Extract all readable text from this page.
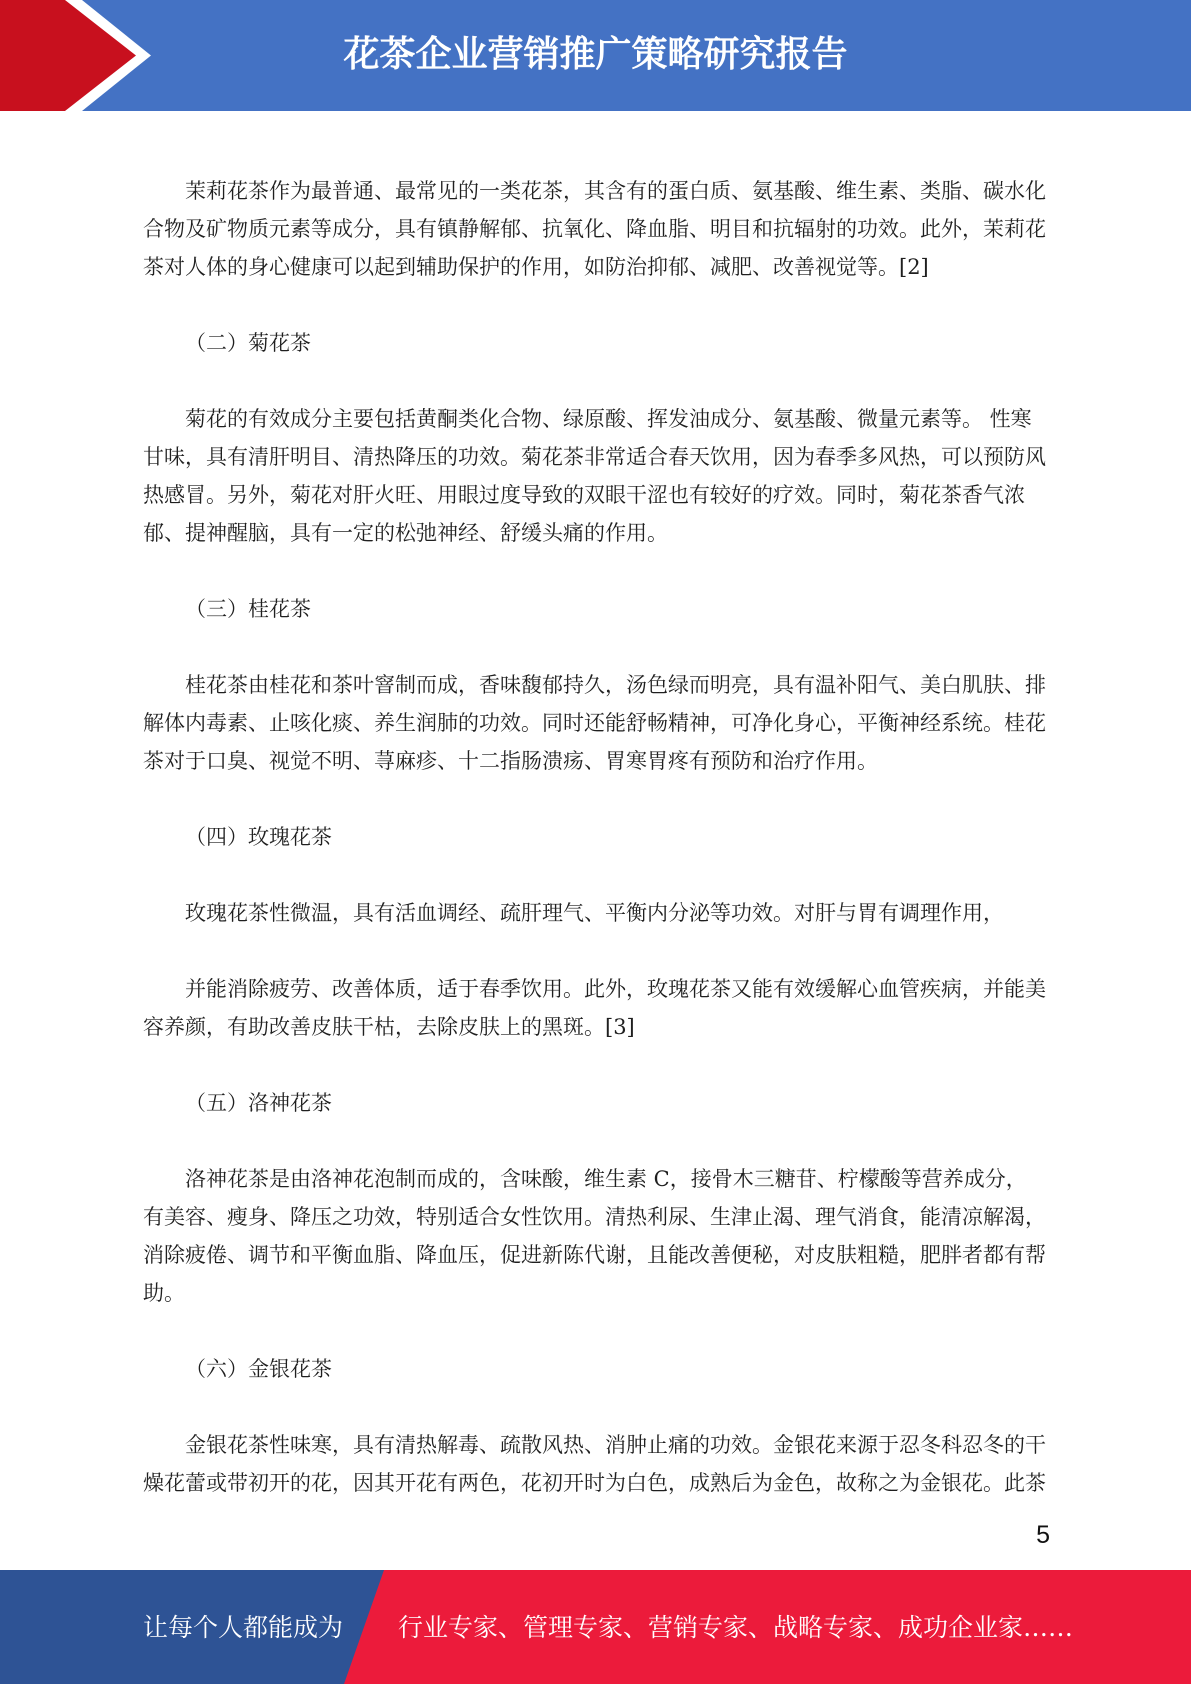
花茶企业营销推广策略研究报告

茉莉花茶作为最普通、最常见的一类花茶，其含有的蛋白质、氨基酸、维生素、类脂、碳水化合物及矿物质元素等成分，具有镇静解郁、抗氧化、降血脂、明目和抗辐射的功效。此外，茉莉花茶对人体的身心健康可以起到辅助保护的作用，如防治抑郁、减肥、改善视觉等。[2]

（二）菊花茶

菊花的有效成分主要包括黄酮类化合物、绿原酸、挥发油成分、氨基酸、微量元素等。 性寒甘味，具有清肝明目、清热降压的功效。菊花茶非常适合春天饮用，因为春季多风热，可以预防风热感冒。另外，菊花对肝火旺、用眼过度导致的双眼干涩也有较好的疗效。同时，菊花茶香气浓郁、提神醒脑，具有一定的松弛神经、舒缓头痛的作用。

（三）桂花茶

桂花茶由桂花和茶叶窨制而成，香味馥郁持久，汤色绿而明亮，具有温补阳气、美白肌肤、排解体内毒素、止咳化痰、养生润肺的功效。同时还能舒畅精神，可净化身心，平衡神经系统。桂花茶对于口臭、视觉不明、荨麻疹、十二指肠溃疡、胃寒胃疼有预防和治疗作用。

（四）玫瑰花茶

玫瑰花茶性微温，具有活血调经、疏肝理气、平衡内分泌等功效。对肝与胃有调理作用，

并能消除疲劳、改善体质，适于春季饮用。此外，玫瑰花茶又能有效缓解心血管疾病，并能美容养颜，有助改善皮肤干枯，去除皮肤上的黑斑。[3]

（五）洛神花茶

洛神花茶是由洛神花泡制而成的，含味酸，维生素 C，接骨木三糖苷、柠檬酸等营养成分，有美容、瘦身、降压之功效，特别适合女性饮用。清热利尿、生津止渴、理气消食，能清凉解渴，消除疲倦、调节和平衡血脂、降血压，促进新陈代谢，且能改善便秘，对皮肤粗糙，肥胖者都有帮助。

（六）金银花茶

金银花茶性味寒，具有清热解毒、疏散风热、消肿止痛的功效。金银花来源于忍冬科忍冬的干燥花蕾或带初开的花，因其开花有两色，花初开时为白色，成熟后为金色，故称之为金银花。此茶

5
让每个人都能成为 行业专家、管理专家、营销专家、战略专家、成功企业家……
